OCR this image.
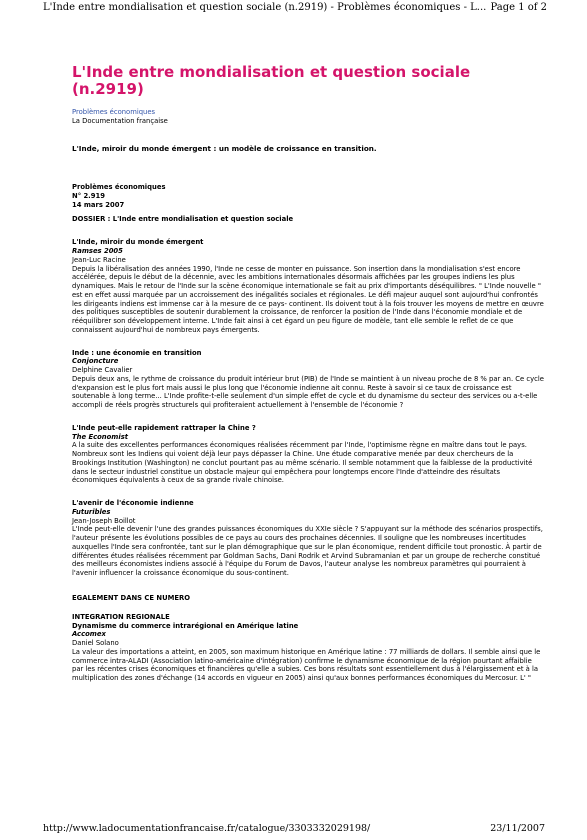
L'Inde entre mondialisation et question sociale (n.2919) - Problèmes économiques - L... Page 1 of 2
L'Inde entre mondialisation et question sociale (n.2919)
Problèmes économiques
La Documentation française
L'Inde, miroir du monde émergent : un modèle de croissance en transition.
Problèmes économiques
N° 2.919
14 mars 2007
DOSSIER : L'Inde entre mondialisation et question sociale
L'Inde, miroir du monde émergent
Ramses 2005
Jean-Luc Racine

Depuis la libéralisation des années 1990, l'Inde ne cesse de monter en puissance. Son insertion dans la mondialisation s'est encore accélérée, depuis le début de la décennie, avec les ambitions internationales désormais affichées par les groupes indiens les plus dynamiques. Mais le retour de l'Inde sur la scène économique internationale se fait au prix d'importants déséquilibres. " L'Inde nouvelle " est en effet aussi marquée par un accroissement des inégalités sociales et régionales. Le défi majeur auquel sont aujourd'hui confrontés les dirigeants indiens est immense car à la mesure de ce pays- continent. Ils doivent tout à la fois trouver les moyens de mettre en œuvre des politiques susceptibles de soutenir durablement la croissance, de renforcer la position de l'Inde dans l'économie mondiale et de rééquilibrer son développement interne. L'Inde fait ainsi à cet égard un peu figure de modèle, tant elle semble le reflet de ce que connaissent aujourd'hui de nombreux pays émergents.

Inde : une économie en transition
Conjoncture
Delphine Cavalier

Depuis deux ans, le rythme de croissance du produit intérieur brut (PIB) de l'Inde se maintient à un niveau proche de 8 % par an. Ce cycle d'expansion est le plus fort mais aussi le plus long que l'économie indienne ait connu. Reste à savoir si ce taux de croissance est soutenable à long terme... L'Inde profite-t-elle seulement d'un simple effet de cycle et du dynamisme du secteur des services ou a-t-elle accompli de réels progrès structurels qui profiteraient actuellement à l'ensemble de l'économie ?

L'Inde peut-elle rapidement rattraper la Chine ?
The Economist

A la suite des excellentes performances économiques réalisées récemment par l'Inde, l'optimisme règne en maître dans tout le pays. Nombreux sont les Indiens qui voient déjà leur pays dépasser la Chine. Une étude comparative menée par deux chercheurs de la Brookings Institution (Washington) ne conclut pourtant pas au même scénario. Il semble notamment que la faiblesse de la productivité dans le secteur industriel constitue un obstacle majeur qui empêchera pour longtemps encore l'Inde d'atteindre des résultats économiques équivalents à ceux de sa grande rivale chinoise.

L'avenir de l'économie indienne
Futuribles
Jean-Joseph Boillot

L'Inde peut-elle devenir l'une des grandes puissances économiques du XXIe siècle ? S'appuyant sur la méthode des scénarios prospectifs, l'auteur présente les évolutions possibles de ce pays au cours des prochaines décennies. Il souligne que les nombreuses incertitudes auxquelles l'Inde sera confrontée, tant sur le plan démographique que sur le plan économique, rendent difficile tout pronostic. À partir de différentes études réalisées récemment par Goldman Sachs, Dani Rodrik et Arvind Subramanian et par un groupe de recherche constitué des meilleurs économistes indiens associé à l'équipe du Forum de Davos, l'auteur analyse les nombreux paramètres qui pourraient à l'avenir influencer la croissance économique du sous-continent.

EGALEMENT DANS CE NUMERO
INTEGRATION REGIONALE
Dynamisme du commerce intrarégional en Amérique latine
Accomex
Daniel Solano

La valeur des importations a atteint, en 2005, son maximum historique en Amérique latine : 77 milliards de dollars. Il semble ainsi que le commerce intra-ALADI (Association latino-américaine d'intégration) confirme le dynamisme économique de la région pourtant affaiblie par les récentes crises économiques et financières qu'elle a subies. Ces bons résultats sont essentiellement dus à l'élargissement et à la multiplication des zones d'échange (14 accords en vigueur en 2005) ainsi qu'aux bonnes performances économiques du Mercosur. L' "

http://www.ladocumentationfrancaise.fr/catalogue/3303332029198/	23/11/2007
